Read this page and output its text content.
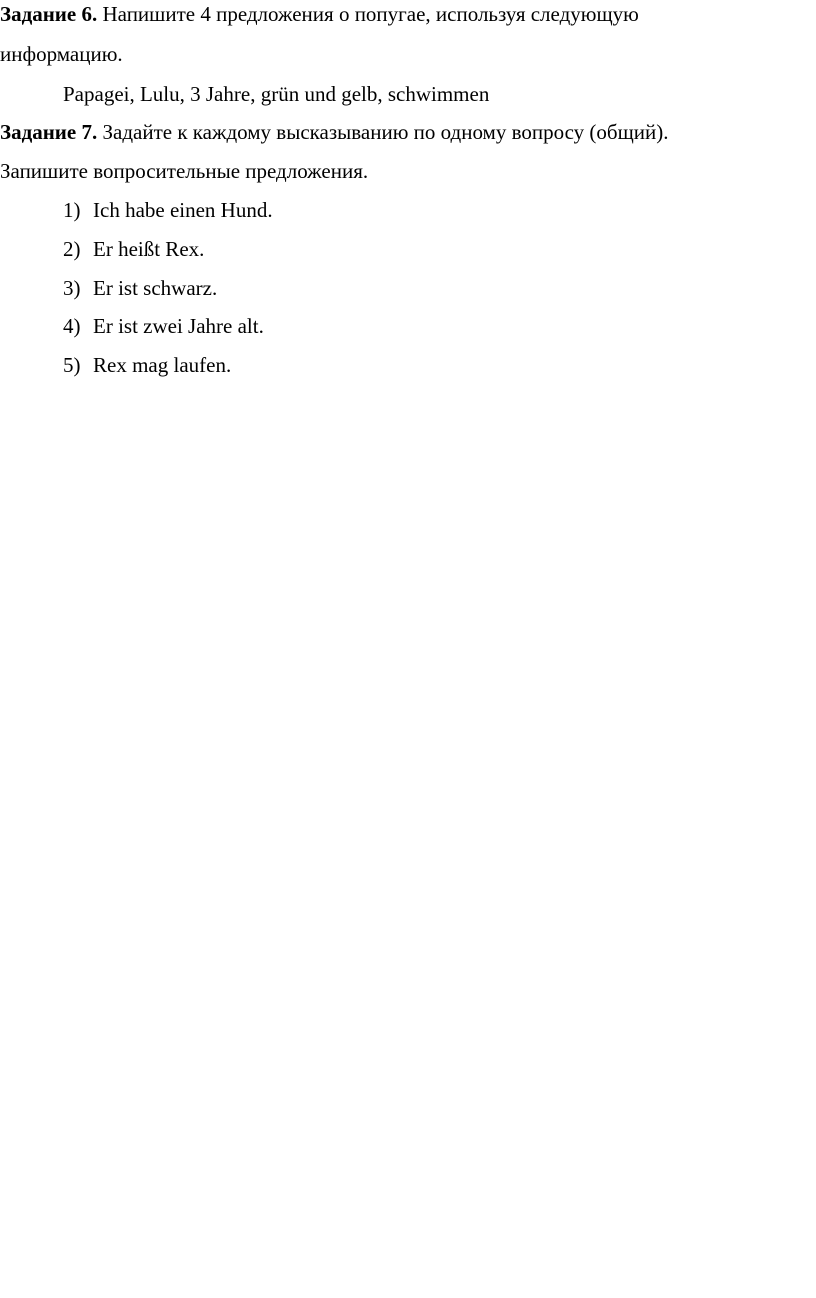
Задание 6. Напишите 4 предложения о попугае, используя следующую
информацию.
Papagei, Lulu, 3 Jahre, grün und gelb, schwimmen
Задание 7. Задайте к каждому высказыванию по одному вопросу (общий).
Запишите вопросительные предложения.
1) Ich habe einen Hund.
2) Er heißt Rex.
3) Er ist schwarz.
4) Er ist zwei Jahre alt.
5) Rex mag laufen.
